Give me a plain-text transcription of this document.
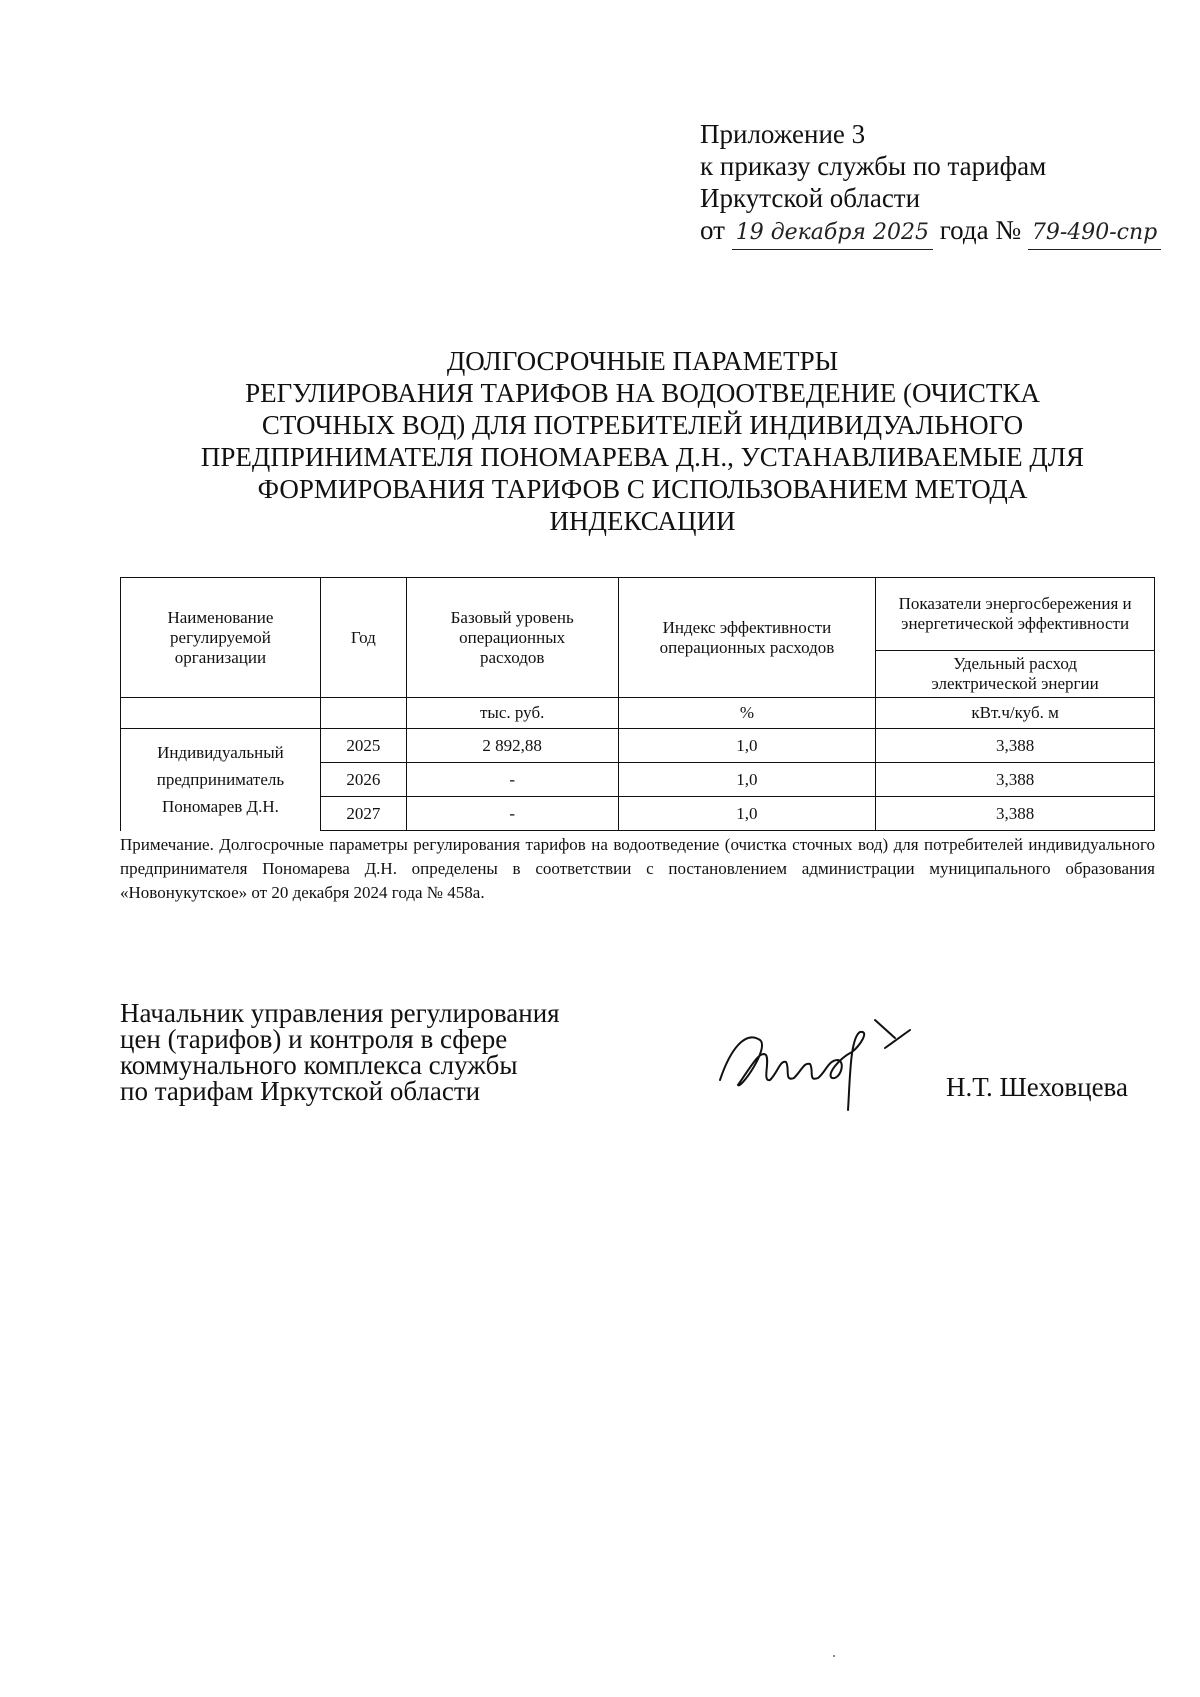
Приложение 3
к приказу службы по тарифам
Иркутской области
от 19 декабря 2025 года № 79-490-спр
ДОЛГОСРОЧНЫЕ ПАРАМЕТРЫ
РЕГУЛИРОВАНИЯ ТАРИФОВ НА ВОДООТВЕДЕНИЕ (ОЧИСТКА
СТОЧНЫХ ВОД) ДЛЯ ПОТРЕБИТЕЛЕЙ ИНДИВИДУАЛЬНОГО
ПРЕДПРИНИМАТЕЛЯ ПОНОМАРЕВА Д.Н., УСТАНАВЛИВАЕМЫЕ ДЛЯ
ФОРМИРОВАНИЯ ТАРИФОВ С ИСПОЛЬЗОВАНИЕМ МЕТОДА
ИНДЕКСАЦИИ
Наименование регулируемой организации	Год	Базовый уровень операционных расходов	Индекс эффективности операционных расходов	Показатели энергосбережения и энергетической эффективности
				Удельный расход электрической энергии
		тыс. руб.	%	кВт.ч/куб. м
Индивидуальный предприниматель Пономарев Д.Н.	2025	2 892,88	1,0	3,388
	2026	-	1,0	3,388
	2027	-	1,0	3,388
Примечание. Долгосрочные параметры регулирования тарифов на водоотведение (очистка сточных вод) для потребителей индивидуального предпринимателя Пономарева Д.Н. определены в соответствии с постановлением администрации муниципального образования «Новонукутское» от 20 декабря 2024 года № 458а.
Начальник управления регулирования
цен (тарифов) и контроля в сфере
коммунального комплекса службы
по тарифам Иркутской области	Н.Т. Шеховцева
